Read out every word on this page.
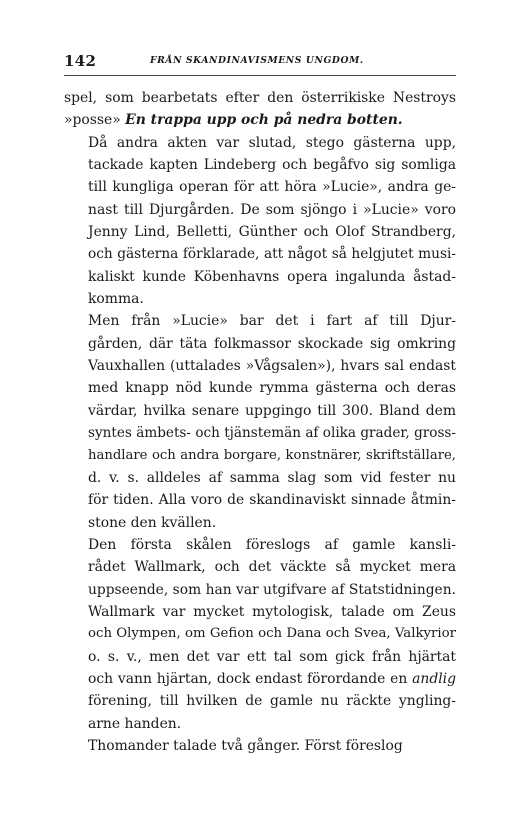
142	FRÅN SKANDINAVISMENS UNGDOM.
spel, som bearbetats efter den österrikiske Nestroys
»posse» En trappa upp och på nedra botten.
Då andra akten var slutad, stego gästerna upp,
tackade kapten Lindeberg och begåfvo sig somliga
till kungliga operan för att höra »Lucie», andra ge-
nast till Djurgården. De som sjöngo i »Lucie» voro
Jenny Lind, Belletti, Günther och Olof Strandberg,
och gästerna förklarade, att något så helgjutet musi-
kaliskt kunde Köbenhavns opera ingalunda åstad-
komma.
Men från »Lucie» bar det i fart af till Djur-
gården, där täta folkmassor skockade sig omkring
Vauxhallen (uttalades »Vågsalen»), hvars sal endast
med knapp nöd kunde rymma gästerna och deras
värdar, hvilka senare uppgingo till 300. Bland dem
syntes ämbets- och tjänstemän af olika grader, gross-
handlare och andra borgare, konstnärer, skriftställare,
d. v. s. alldeles af samma slag som vid fester nu
för tiden. Alla voro de skandinaviskt sinnade åtmin-
stone den kvällen.
Den första skålen föreslogs af gamle kansli-
rådet Wallmark, och det väckte så mycket mera
uppseende, som han var utgifvare af Statstidningen.
Wallmark var mycket mytologisk, talade om Zeus
och Olympen, om Gefion och Dana och Svea, Valkyrior
o. s. v., men det var ett tal som gick från hjärtat
och vann hjärtan, dock endast förordande en andlig
förening, till hvilken de gamle nu räckte yngling-
arne handen.
Thomander talade två gånger. Först föreslog
